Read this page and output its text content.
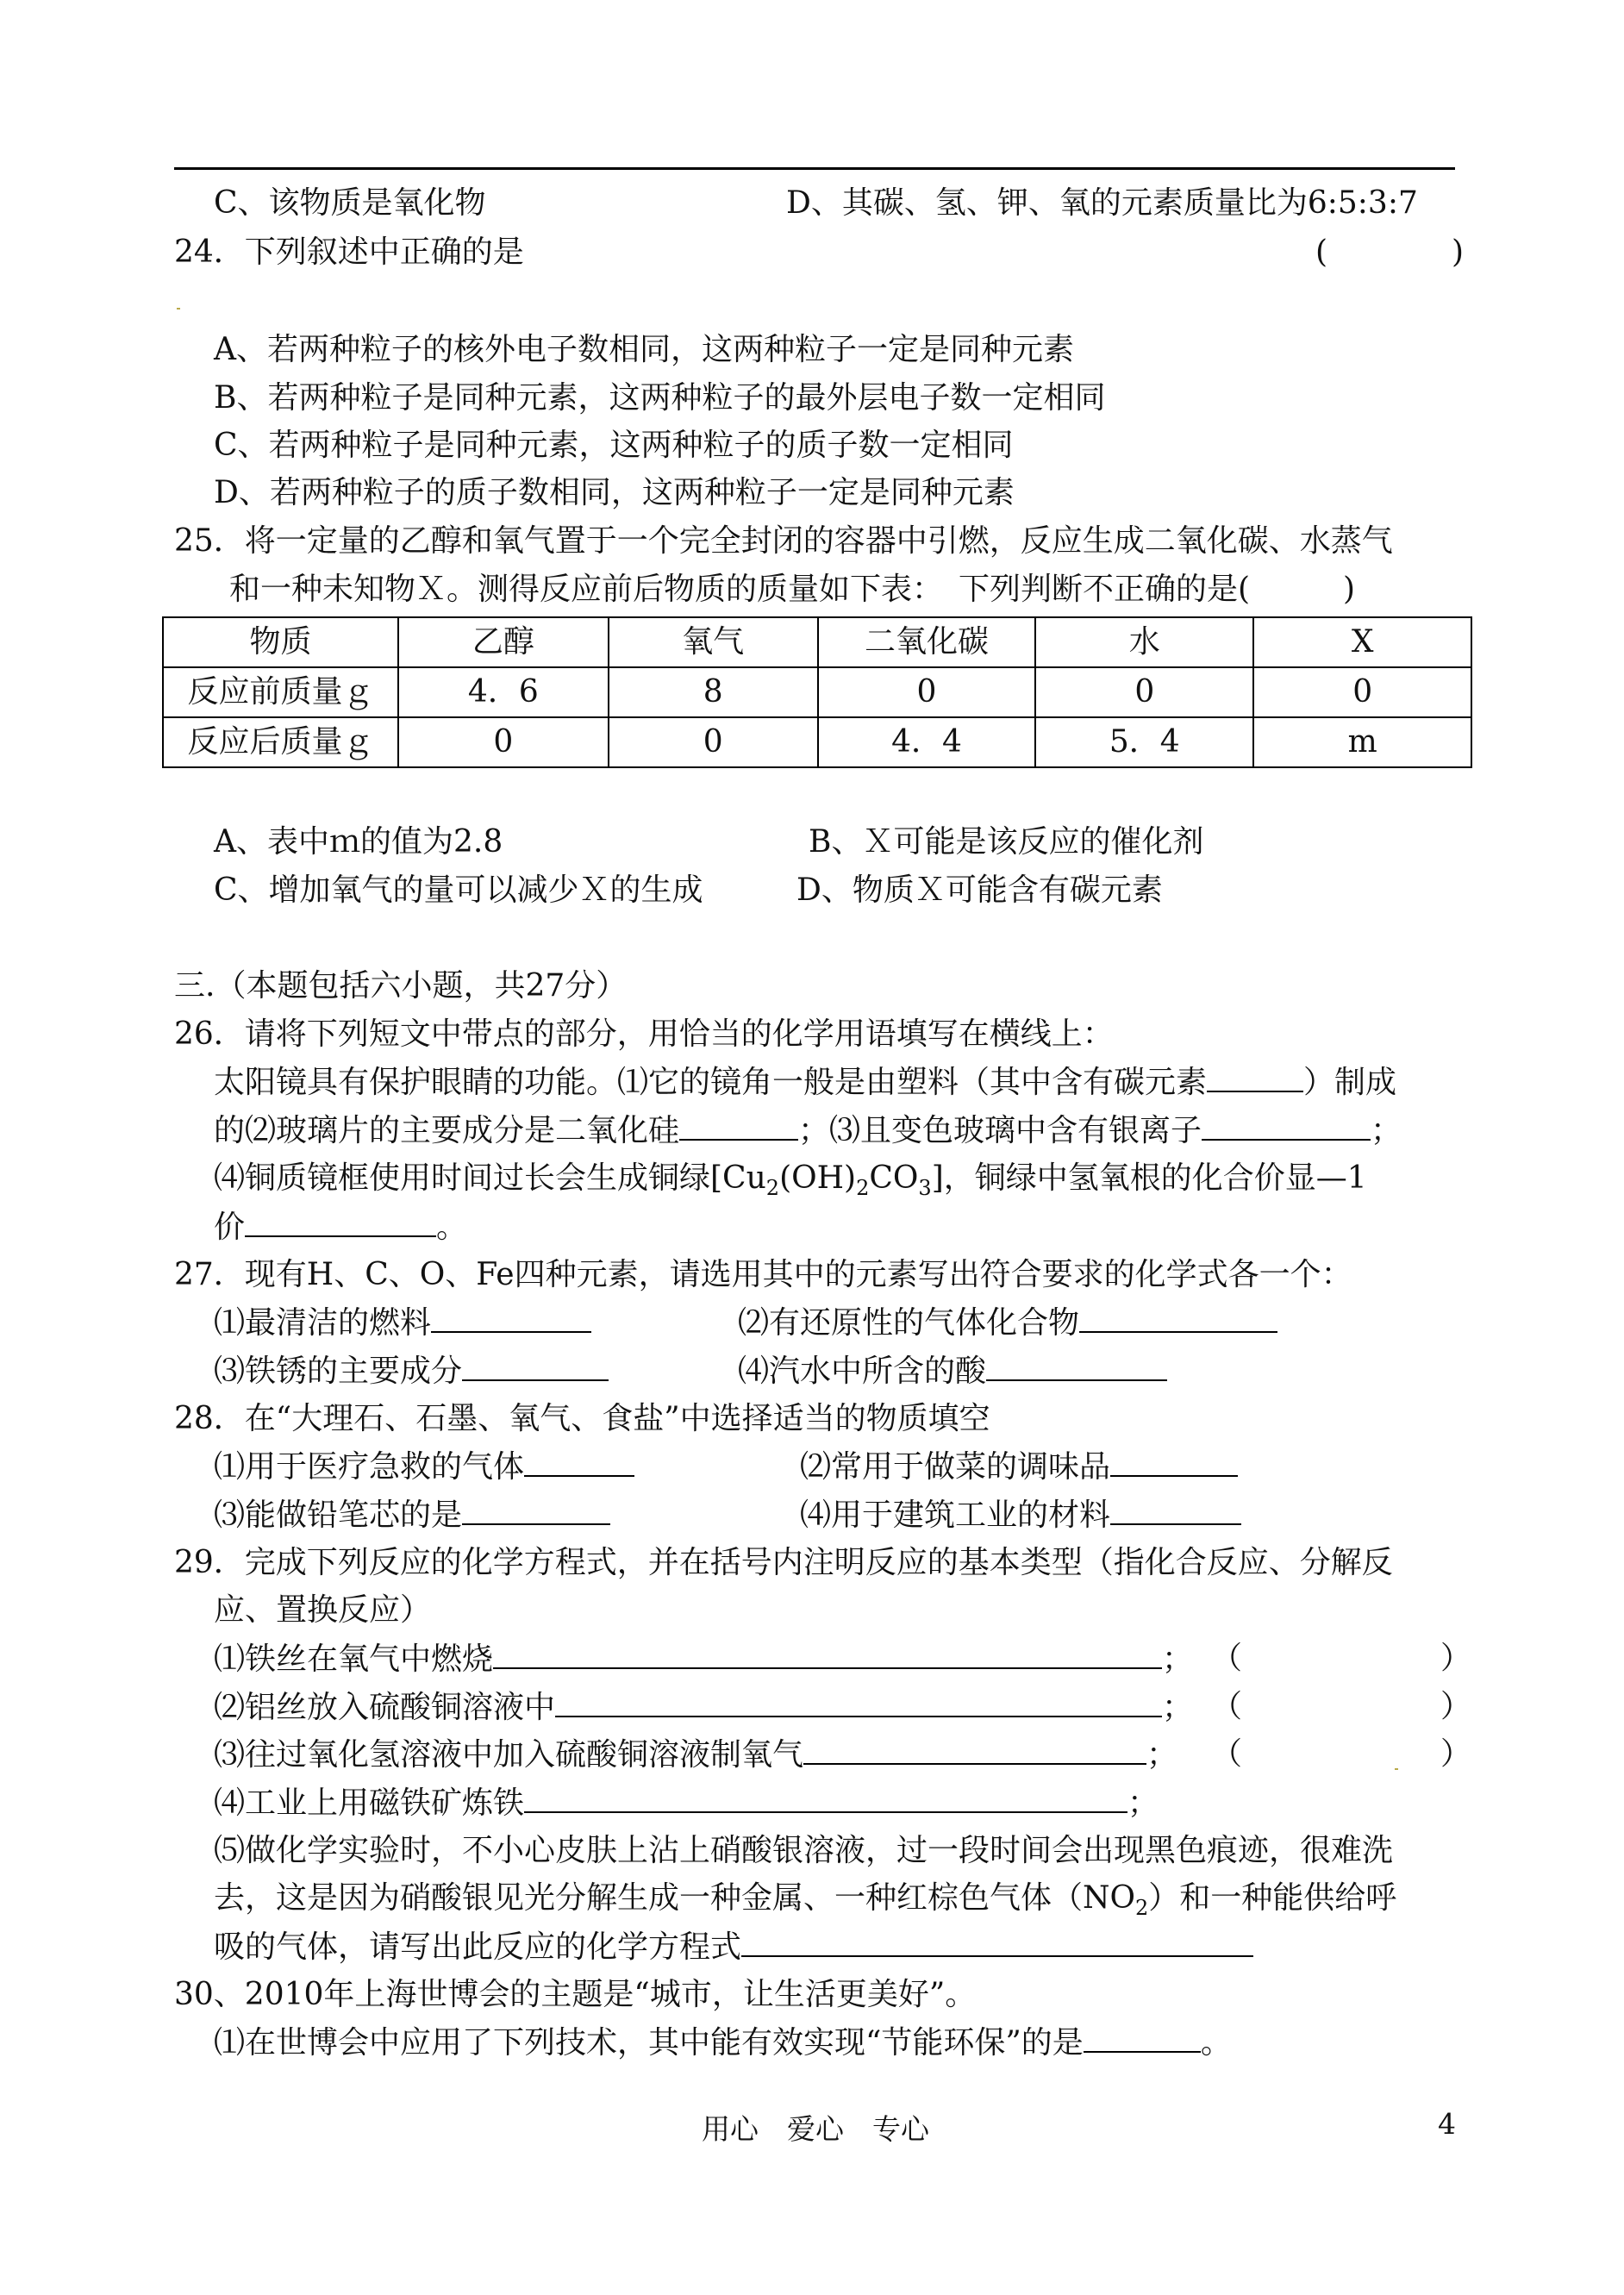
C、该物质是氧化物	D、其碳、氢、钾、氧的元素质量比为6:5:3:7
24．下列叙述中正确的是	(　　　　)
A、若两种粒子的核外电子数相同，这两种粒子一定是同种元素
B、若两种粒子是同种元素，这两种粒子的最外层电子数一定相同
C、若两种粒子是同种元素，这两种粒子的质子数一定相同
D、若两种粒子的质子数相同，这两种粒子一定是同种元素
25．将一定量的乙醇和氧气置于一个完全封闭的容器中引燃，反应生成二氧化碳、水蒸气
和一种未知物Ｘ。测得反应前后物质的质量如下表：　下列判断不正确的是(　　　)
物质	乙醇	氧气	二氧化碳	水	X
反应前质量ｇ	4．6	8	0	0	0
反应后质量ｇ	0	0	4．4	5．4	m
A、表中ｍ的值为2.8	B、Ｘ可能是该反应的催化剂
C、增加氧气的量可以减少Ｘ的生成	D、物质Ｘ可能含有碳元素
三.（本题包括六小题，共27分）
26．请将下列短文中带点的部分，用恰当的化学用语填写在横线上：
太阳镜具有保护眼睛的功能。⑴它的镜角一般是由塑料（其中含有碳元素	）制成
的⑵玻璃片的主要成分是二氧化硅	；⑶且变色玻璃中含有银离子	；
⑷铜质镜框使用时间过长会生成铜绿$[Cu_2(OH)_2CO_3]$，铜绿中氢氧根的化合价显—1
价	。
27．现有H、C、O、Fe四种元素，请选用其中的元素写出符合要求的化学式各一个：
⑴最清洁的燃料	⑵有还原性的气体化合物
⑶铁锈的主要成分	⑷汽水中所含的酸
28．在“大理石、石墨、氧气、食盐”中选择适当的物质填空
⑴用于医疗急救的气体	⑵常用于做菜的调味品
⑶能做铅笔芯的是	⑷用于建筑工业的材料
29．完成下列反应的化学方程式，并在括号内注明反应的基本类型（指化合反应、分解反
应、置换反应）
⑴铁丝在氧气中燃烧	； （	）
⑵铝丝放入硫酸铜溶液中	； （	）
⑶往过氧化氢溶液中加入硫酸铜溶液制氧气	； （	）
⑷工业上用磁铁矿炼铁	；
⑸做化学实验时，不小心皮肤上沾上硝酸银溶液，过一段时间会出现黑色痕迹，很难洗
去，这是因为硝酸银见光分解生成一种金属、一种红棕色气体$(NO_2)$和一种能供给呼
吸的气体，请写出此反应的化学方程式
30、2010年上海世博会的主题是“城市，让生活更美好”。
⑴在世博会中应用了下列技术，其中能有效实现“节能环保”的是	。
用心　爱心　专心	4
